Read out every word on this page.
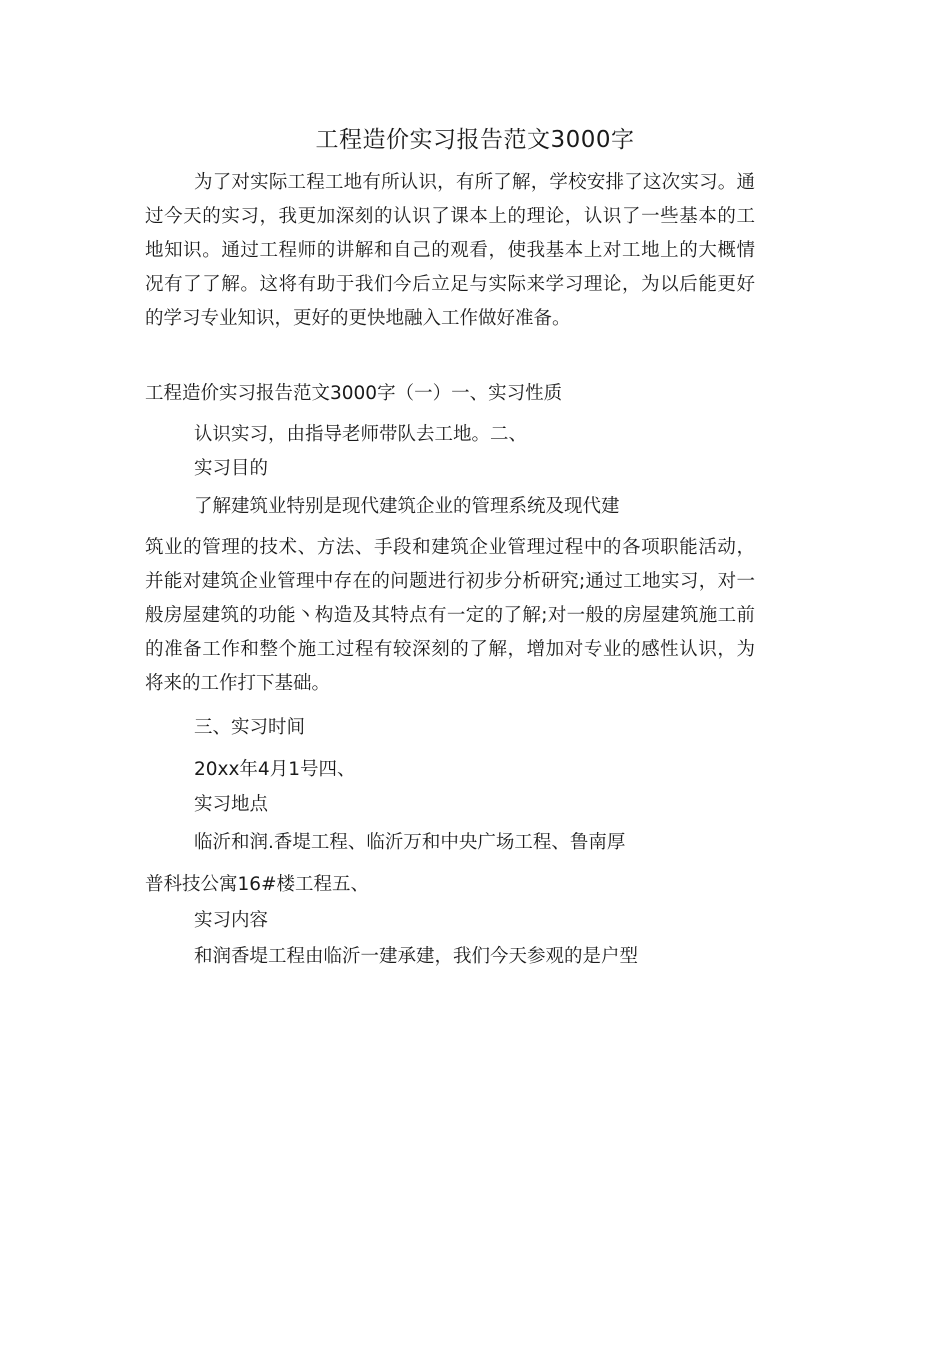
工程造价实习报告范文3000字

为了对实际工程工地有所认识，有所了解，学校安排了这次实习。通过今天的实习，我更加深刻的认识了课本上的理论，认识了一些基本的工地知识。通过工程师的讲解和自己的观看，使我基本上对工地上的大概情况有了了解。这将有助于我们今后立足与实际来学习理论，为以后能更好的学习专业知识，更好的更快地融入工作做好准备。

工程造价实习报告范文3000字（一）一、实习性质

认识实习，由指导老师带队去工地。二、

实习目的

了解建筑业特别是现代建筑企业的管理系统及现代建

筑业的管理的技术、方法、手段和建筑企业管理过程中的各项职能活动，并能对建筑企业管理中存在的问题进行初步分析研究;通过工地实习，对一般房屋建筑的功能丶构造及其特点有一定的了解;对一般的房屋建筑施工前的准备工作和整个施工过程有较深刻的了解，增加对专业的感性认识，为将来的工作打下基础。

三、实习时间

20xx年4月1号四、

实习地点

临沂和润.香堤工程、临沂万和中央广场工程、鲁南厚

普科技公寓16#楼工程五、

实习内容

和润香堤工程由临沂一建承建，我们今天参观的是户型
